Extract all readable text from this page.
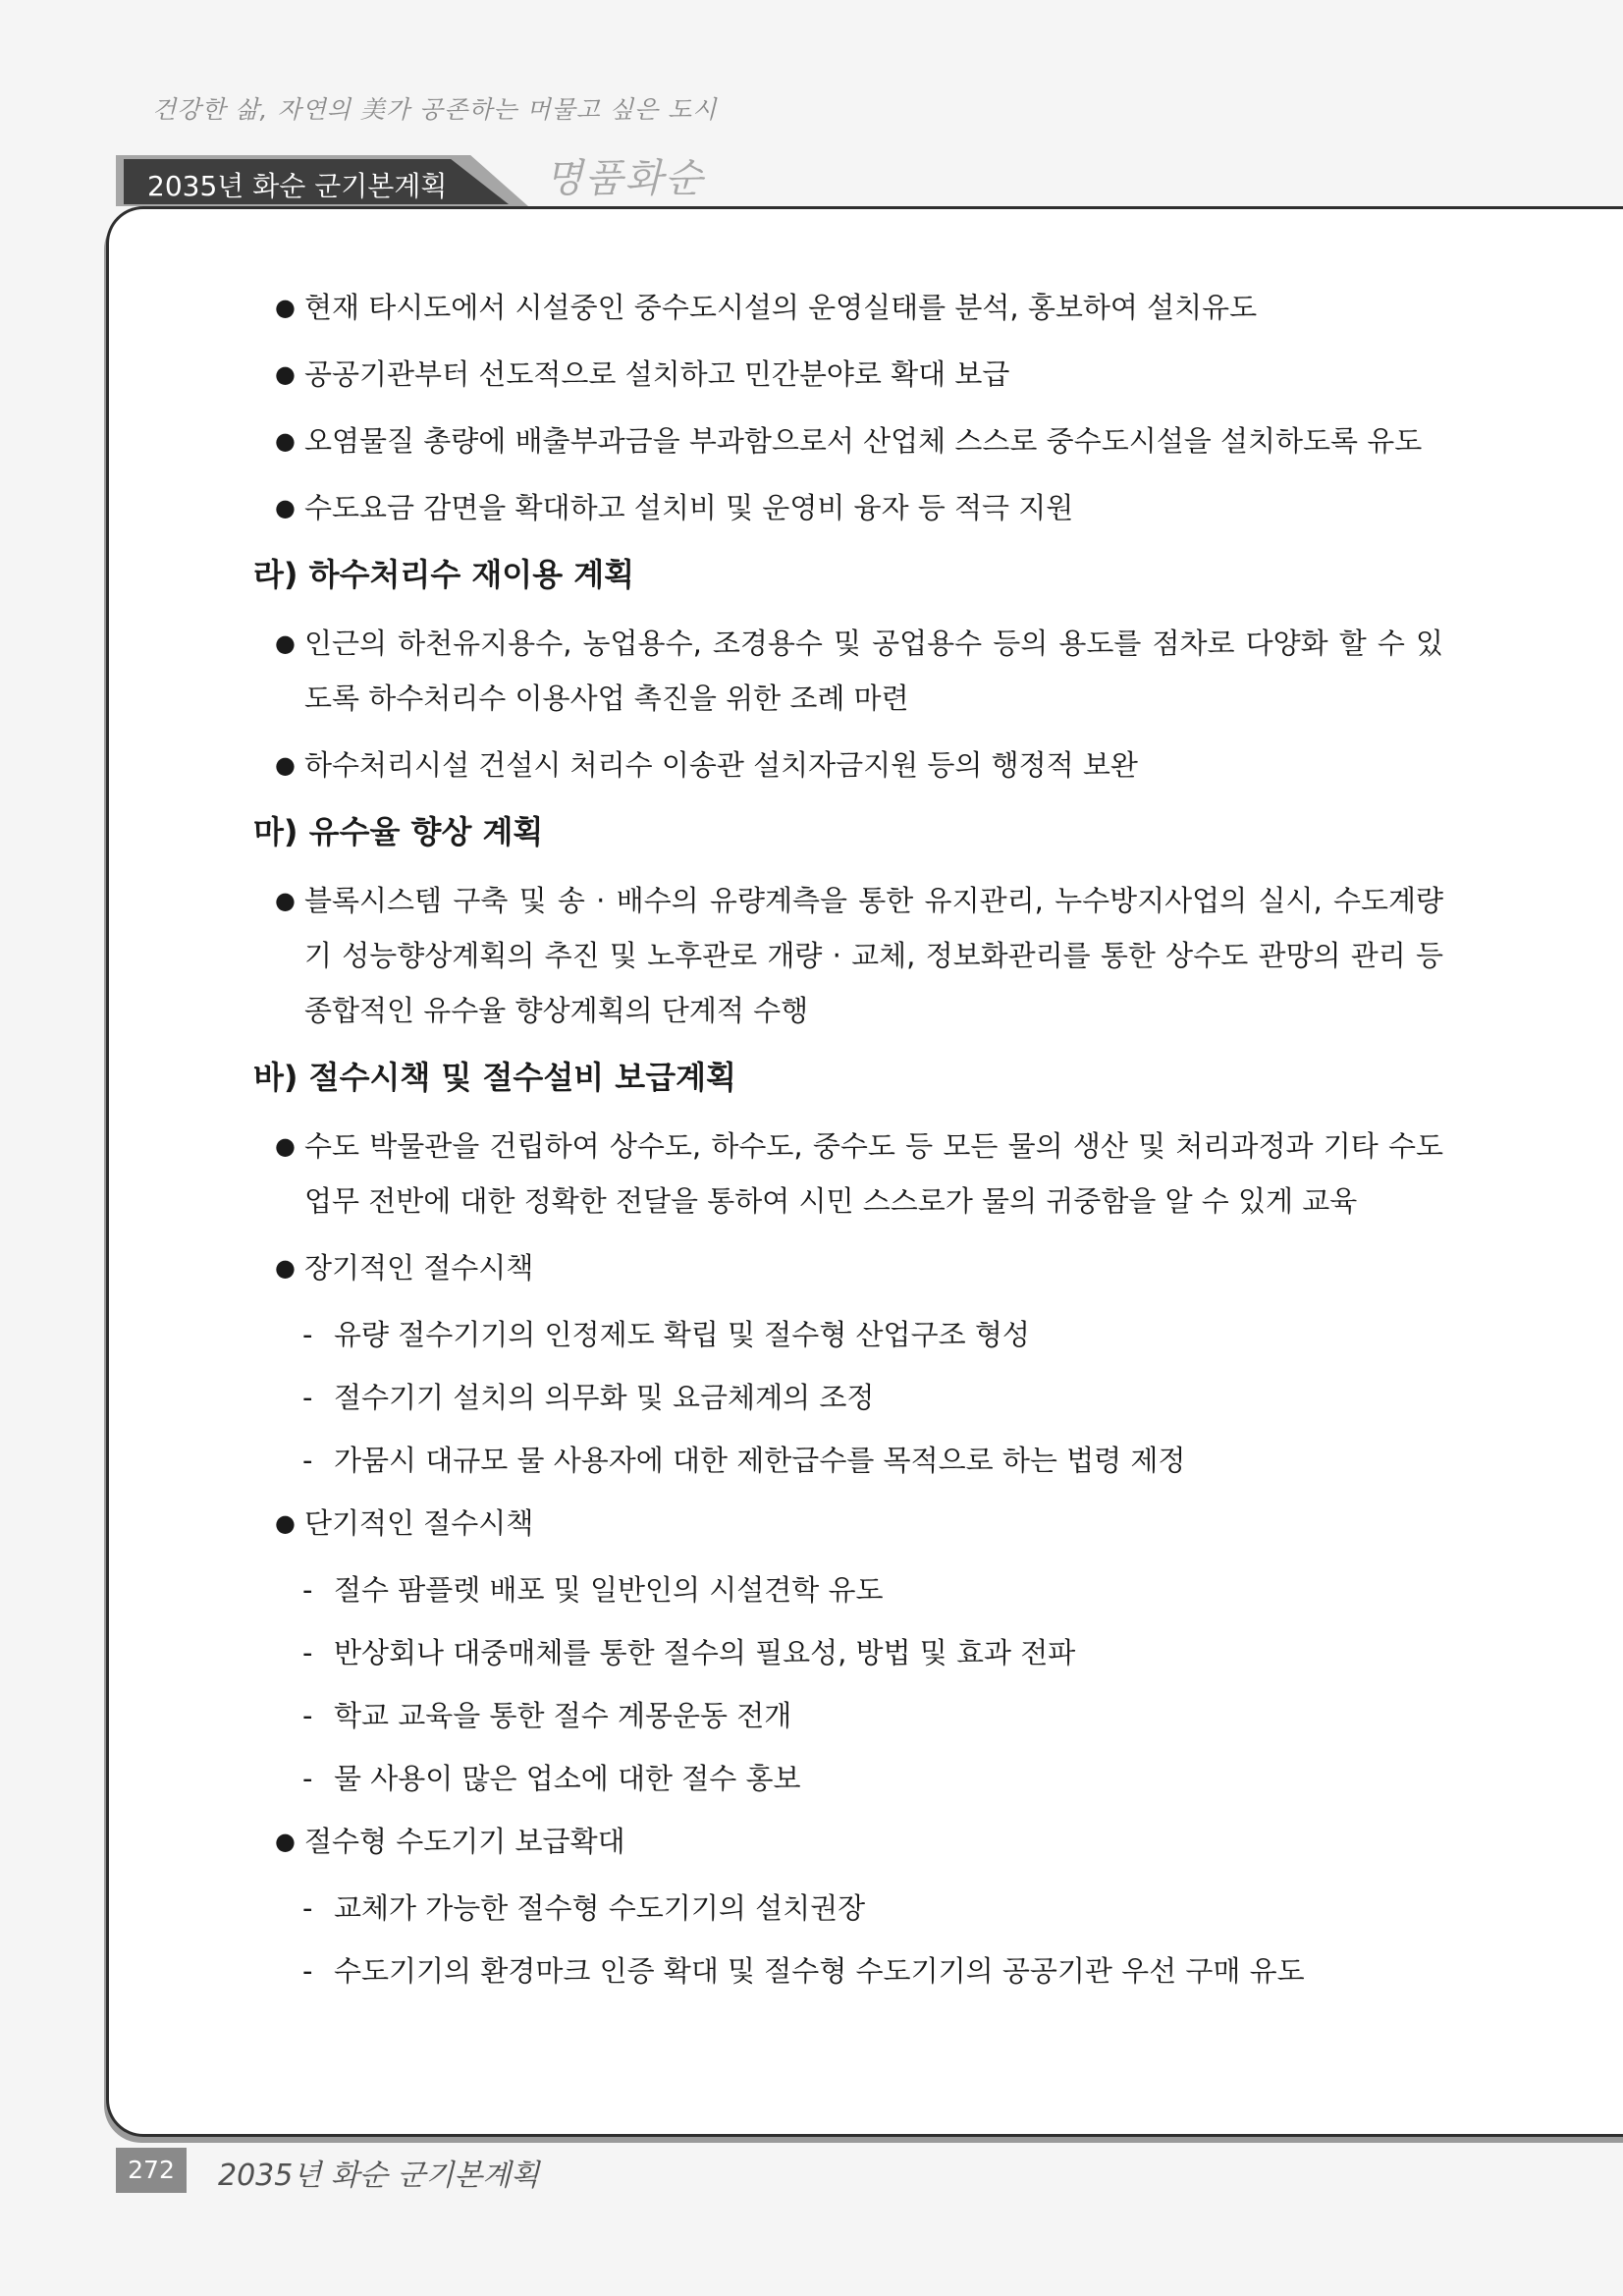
건강한 삶, 자연의 美가 공존하는 머물고 싶은 도시
2035년 화순 군기본계획 명품화순
● 현재 타시도에서 시설중인 중수도시설의 운영실태를 분석, 홍보하여 설치유도
● 공공기관부터 선도적으로 설치하고 민간분야로 확대 보급
● 오염물질 총량에 배출부과금을 부과함으로서 산업체 스스로 중수도시설을 설치하도록 유도
● 수도요금 감면을 확대하고 설치비 및 운영비 융자 등 적극 지원
라) 하수처리수 재이용 계획
● 인근의 하천유지용수, 농업용수, 조경용수 및 공업용수 등의 용도를 점차로 다양화 할 수 있도록 하수처리수 이용사업 촉진을 위한 조례 마련
● 하수처리시설 건설시 처리수 이송관 설치자금지원 등의 행정적 보완
마) 유수율 향상 계획
● 블록시스템 구축 및 송 · 배수의 유량계측을 통한 유지관리, 누수방지사업의 실시, 수도계량기 성능향상계획의 추진 및 노후관로 개량 · 교체, 정보화관리를 통한 상수도 관망의 관리 등 종합적인 유수율 향상계획의 단계적 수행
바) 절수시책 및 절수설비 보급계획
● 수도 박물관을 건립하여 상수도, 하수도, 중수도 등 모든 물의 생산 및 처리과정과 기타 수도업무 전반에 대한 정확한 전달을 통하여 시민 스스로가 물의 귀중함을 알 수 있게 교육
● 장기적인 절수시책
- 유량 절수기기의 인정제도 확립 및 절수형 산업구조 형성
- 절수기기 설치의 의무화 및 요금체계의 조정
- 가뭄시 대규모 물 사용자에 대한 제한급수를 목적으로 하는 법령 제정
● 단기적인 절수시책
- 절수 팜플렛 배포 및 일반인의 시설견학 유도
- 반상회나 대중매체를 통한 절수의 필요성, 방법 및 효과 전파
- 학교 교육을 통한 절수 계몽운동 전개
- 물 사용이 많은 업소에 대한 절수 홍보
● 절수형 수도기기 보급확대
- 교체가 가능한 절수형 수도기기의 설치권장
- 수도기기의 환경마크 인증 확대 및 절수형 수도기기의 공공기관 우선 구매 유도
272	2035년 화순 군기본계획
